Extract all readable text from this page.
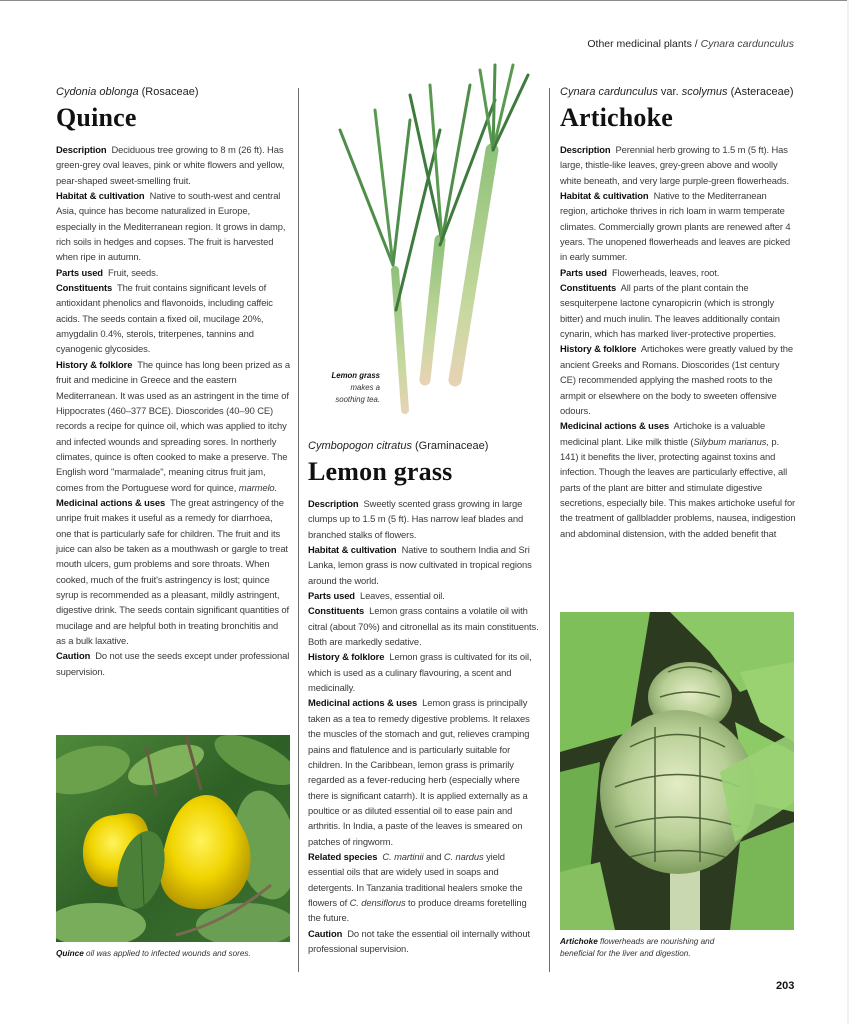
Other medicinal plants / Cynara cardunculus
Cydonia oblonga (Rosaceae)
Quince

Description Deciduous tree growing to 8 m (26 ft). Has green-grey oval leaves, pink or white flowers and yellow, pear-shaped sweet-smelling fruit.

Habitat & cultivation Native to south-west and central Asia, quince has become naturalized in Europe, especially in the Mediterranean region. It grows in damp, rich soils in hedges and copses. The fruit is harvested when ripe in autumn.

Parts used Fruit, seeds.

Constituents The fruit contains significant levels of antioxidant phenolics and flavonoids, including caffeic acids. The seeds contain a fixed oil, mucilage 20%, amygdalin 0.4%, sterols, triterpenes, tannins and cyanogenic glycosides.

History & folklore The quince has long been prized as a fruit and medicine in Greece and the eastern Mediterranean. It was used as an astringent in the time of Hippocrates (460–377 BCE). Dioscorides (40–90 CE) records a recipe for quince oil, which was applied to itchy and infected wounds and spreading sores. In northerly climates, quince is often cooked to make a preserve. The English word "marmalade", meaning citrus fruit jam, comes from the Portuguese word for quince, marmelo.

Medicinal actions & uses The great astringency of the unripe fruit makes it useful as a remedy for diarrhoea, one that is particularly safe for children. The fruit and its juice can also be taken as a mouthwash or gargle to treat mouth ulcers, gum problems and sore throats. When cooked, much of the fruit's astringency is lost; quince syrup is recommended as a pleasant, mildly astringent, digestive drink. The seeds contain significant quantities of mucilage and are helpful both in treating bronchitis and as a bulk laxative.

Caution Do not use the seeds except under professional supervision.

Quince oil was applied to infected wounds and sores.
Lemon grass
makes a
soothing tea.
Cymbopogon citratus (Graminaceae)
Lemon grass

Description Sweetly scented grass growing in large clumps up to 1.5 m (5 ft). Has narrow leaf blades and branched stalks of flowers.

Habitat & cultivation Native to southern India and Sri Lanka, lemon grass is now cultivated in tropical regions around the world.

Parts used Leaves, essential oil.

Constituents Lemon grass contains a volatile oil with citral (about 70%) and citronellal as its main constituents. Both are markedly sedative.

History & folklore Lemon grass is cultivated for its oil, which is used as a culinary flavouring, a scent and medicinally.

Medicinal actions & uses Lemon grass is principally taken as a tea to remedy digestive problems. It relaxes the muscles of the stomach and gut, relieves cramping pains and flatulence and is particularly suitable for children. In the Caribbean, lemon grass is primarily regarded as a fever-reducing herb (especially where there is significant catarrh). It is applied externally as a poultice or as diluted essential oil to ease pain and arthritis. In India, a paste of the leaves is smeared on patches of ringworm.

Related species C. martinii and C. nardus yield essential oils that are widely used in soaps and detergents. In Tanzania traditional healers smoke the flowers of C. densiflorus to produce dreams foretelling the future.

Caution Do not take the essential oil internally without professional supervision.

Cynara cardunculus var. scolymus (Asteraceae)
Artichoke

Description Perennial herb growing to 1.5 m (5 ft). Has large, thistle-like leaves, grey-green above and woolly white beneath, and very large purple-green flowerheads.

Habitat & cultivation Native to the Mediterranean region, artichoke thrives in rich loam in warm temperate climates. Commercially grown plants are renewed after 4 years. The unopened flowerheads and leaves are picked in early summer.

Parts used Flowerheads, leaves, root.

Constituents All parts of the plant contain the sesquiterpene lactone cynaropicrin (which is strongly bitter) and much inulin. The leaves additionally contain cynarin, which has marked liver-protective properties.

History & folklore Artichokes were greatly valued by the ancient Greeks and Romans. Dioscorides (1st century CE) recommended applying the mashed roots to the armpit or elsewhere on the body to sweeten offensive odours.

Medicinal actions & uses Artichoke is a valuable medicinal plant. Like milk thistle (Silybum marianus, p. 141) it benefits the liver, protecting against toxins and infection. Though the leaves are particularly effective, all parts of the plant are bitter and stimulate digestive secretions, especially bile. This makes artichoke useful for the treatment of gallbladder problems, nausea, indigestion and abdominal distension, with the added benefit that

Artichoke flowerheads are nourishing and
beneficial for the liver and digestion.
203
